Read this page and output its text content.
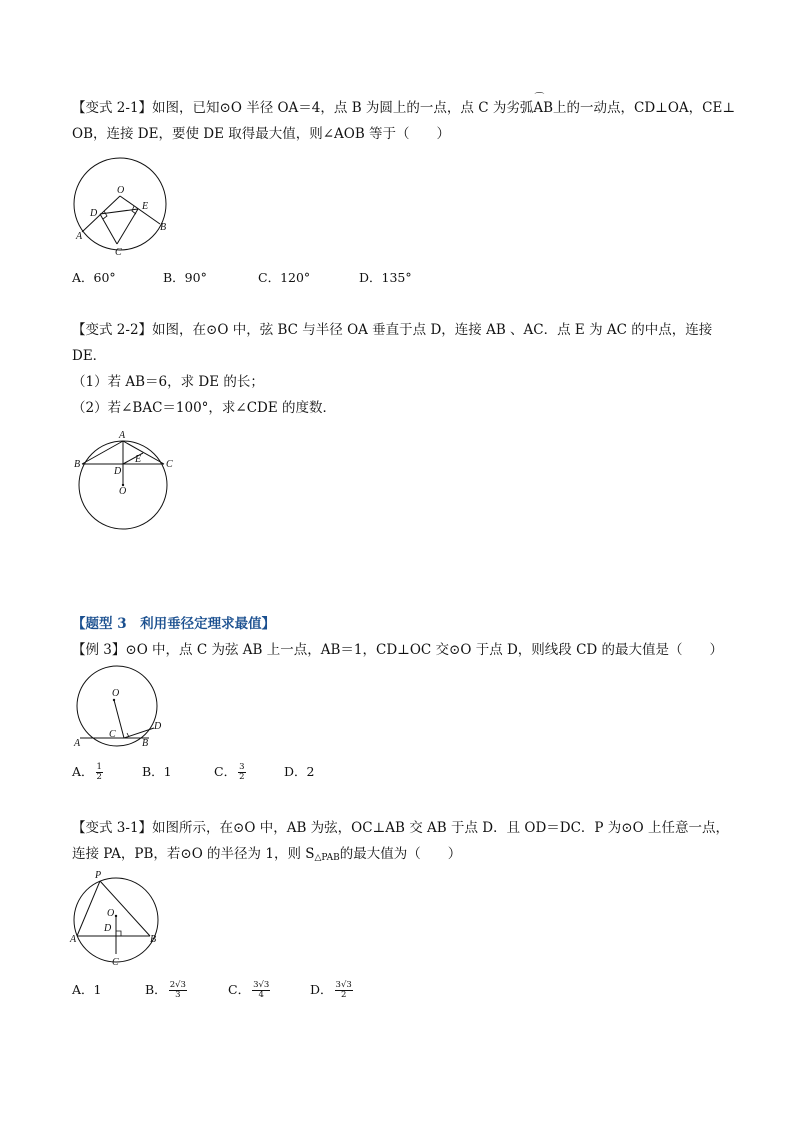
【变式 2-1】如图，已知⊙O 半径 OA＝4，点 B 为圆上的一点，点 C 为劣弧⌒ AB上的一动点，CD⊥OA，CE⊥
OB，连接 DE，要使 DE 取得最大值，则∠AOB 等于（　　）
O
D
E
A
B
C
A．60°	B．90°	C．120°	D．135°
【变式 2-2】如图，在⊙O 中，弦 BC 与半径 OA 垂直于点 D，连接 AB 、AC．点 E 为 AC 的中点，连接
DE．
（1）若 AB＝6，求 DE 的长；
（2）若∠BAC＝100°，求∠CDE 的度数．
A
B
D
E C
O
【题型 3　利用垂径定理求最值】
【例 3】⊙O 中，点 C 为弦 AB 上一点，AB＝1，CD⊥OC 交⊙O 于点 D，则线段 CD 的最大值是（　　）
O
D
A
C
B
A． $\frac{1}{2}$	B．1	C． $\frac{3}{2}$	D．2
【变式 3-1】如图所示，在⊙O 中，AB 为弦，OC⊥AB 交 AB 于点 D．且 OD＝DC．P 为⊙O 上任意一点，
连接 PA，PB，若⊙O 的半径为 1，则 $S_{\triangle PAB}$的最大值为（　　）
P
O
D
A	B
C
A．1	B． $\frac{2√3}{3}$	C． $\frac{3√3}{4}$	D． $\frac{3√3}{2}$
